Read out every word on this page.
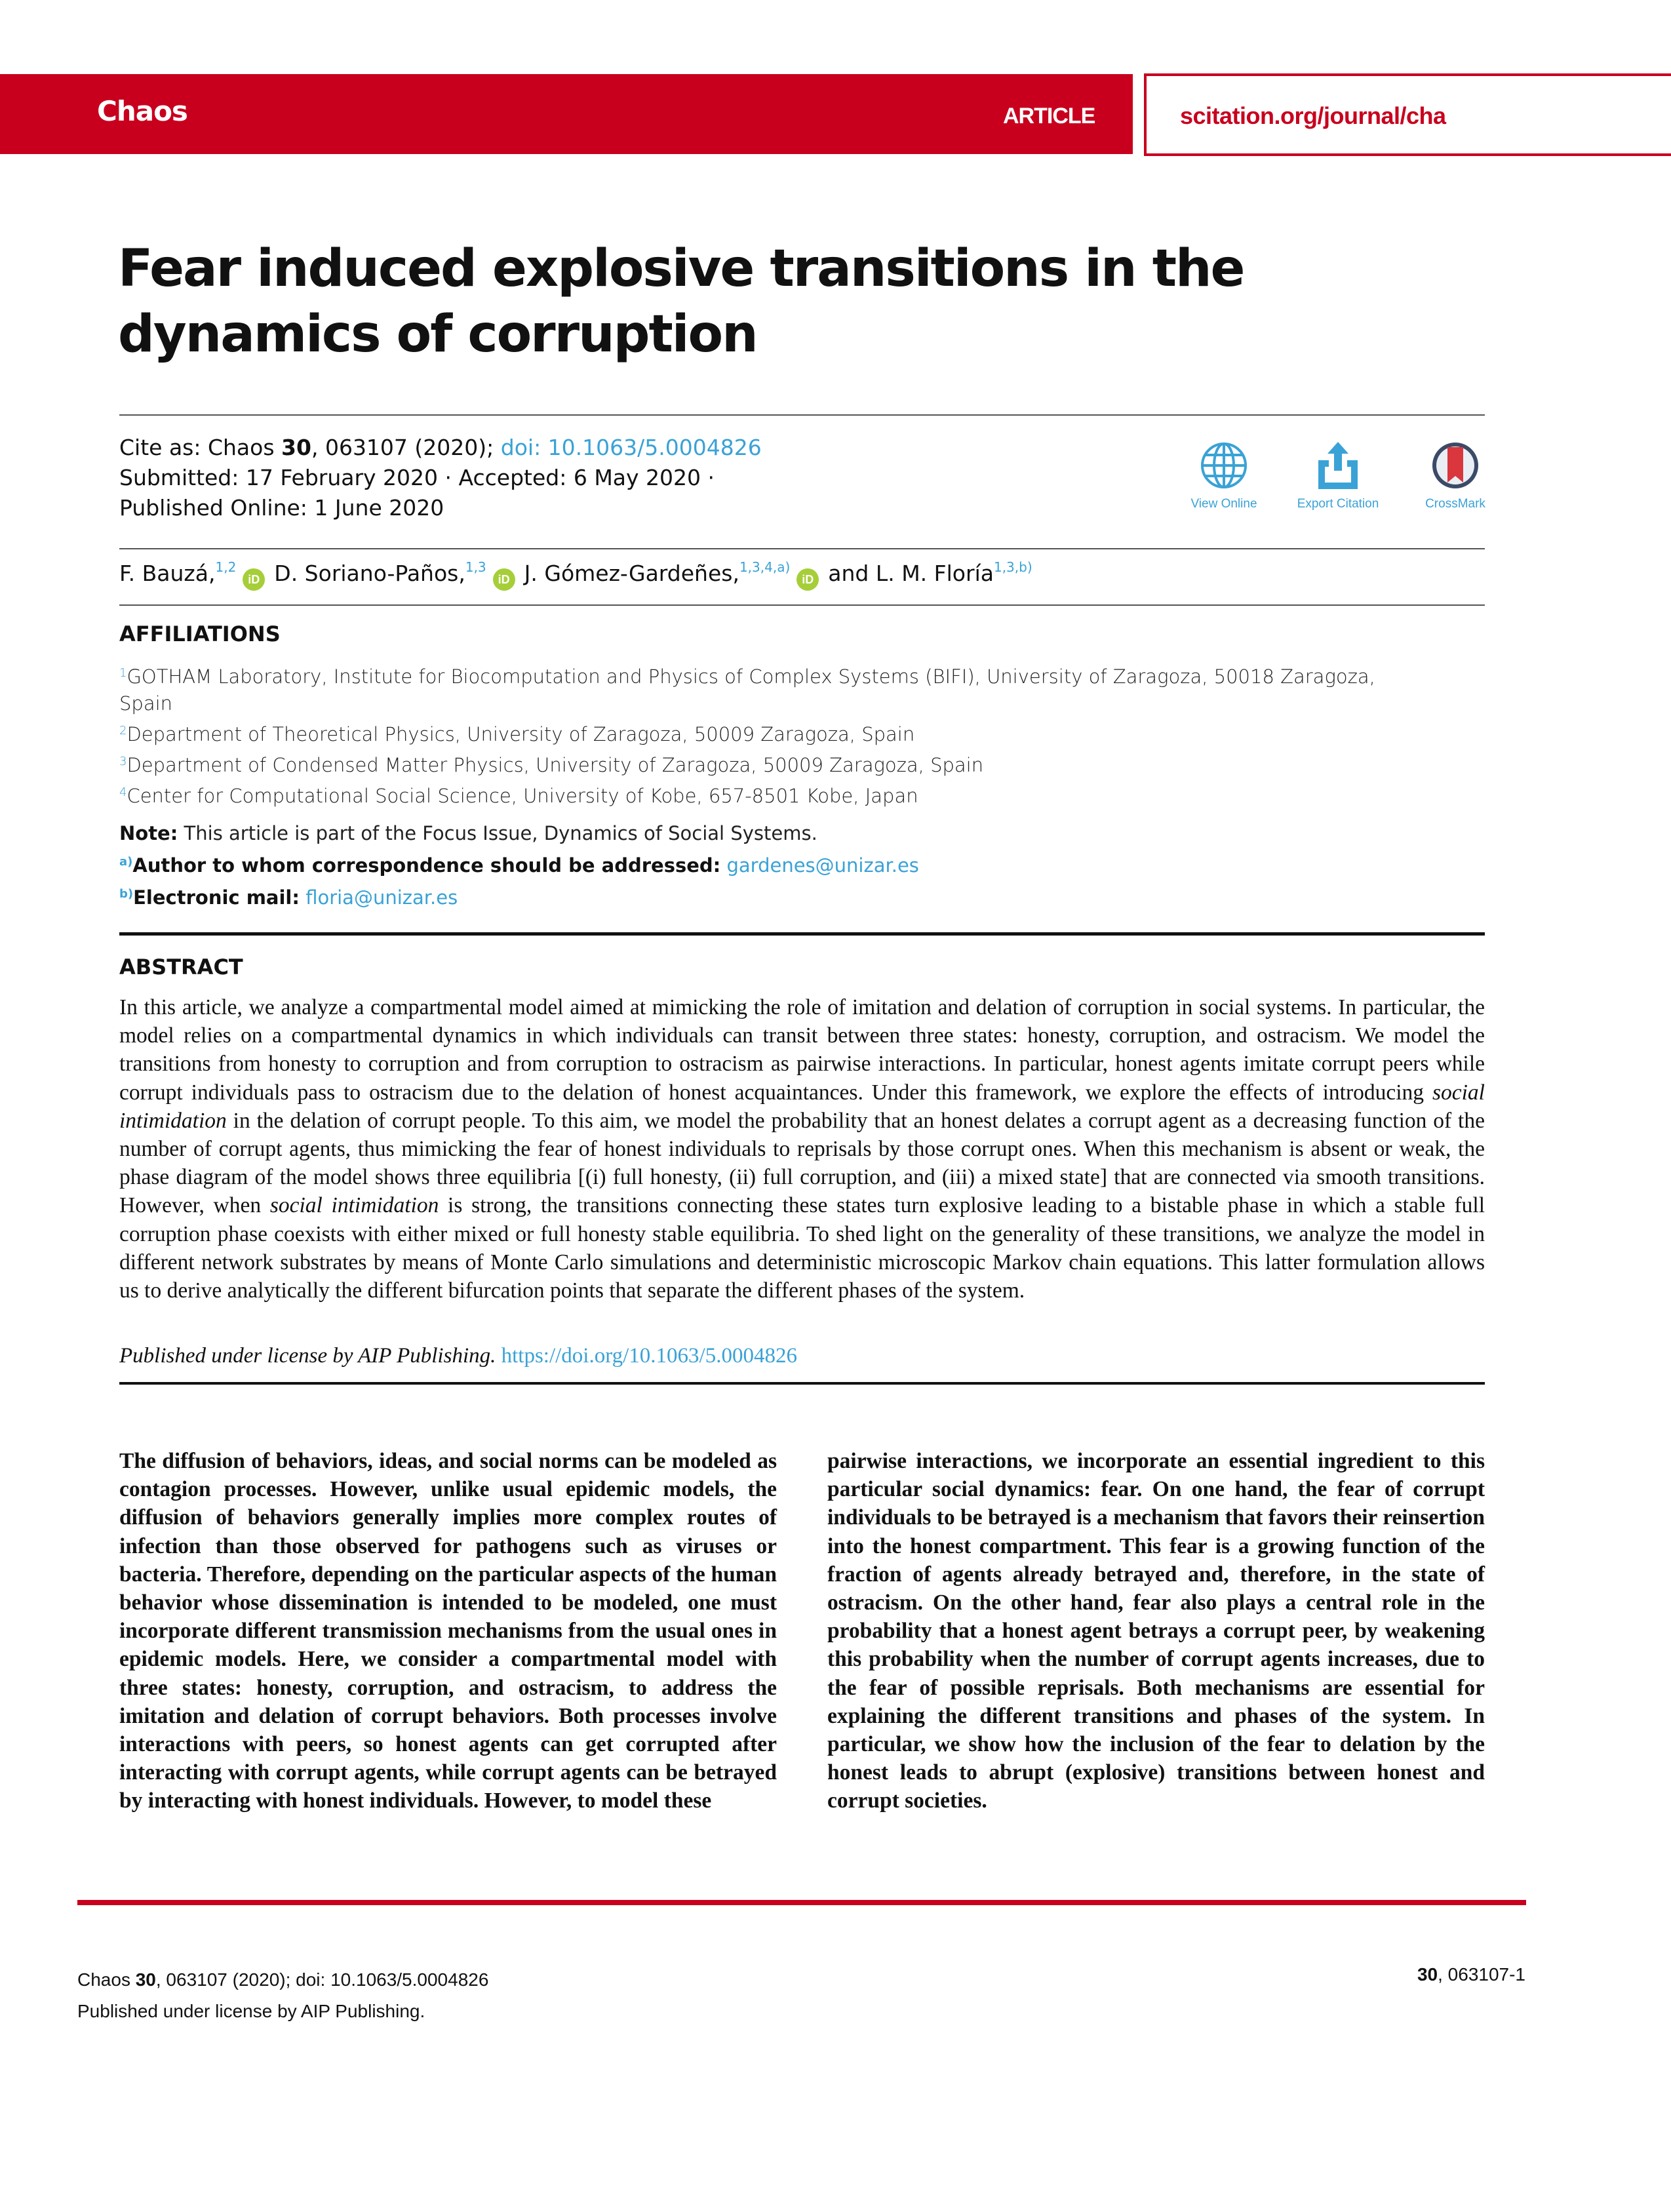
Chaos	ARTICLE	scitation.org/journal/cha
Fear induced explosive transitions in the dynamics of corruption
Cite as: Chaos 30, 063107 (2020); doi: 10.1063/5.0004826
Submitted: 17 February 2020 · Accepted: 6 May 2020 ·
Published Online: 1 June 2020	View Online	Export Citation	CrossMark
F. Bauzá,$^{1,2}$iD D. Soriano-Paños,$^{1,3}$iD J. Gómez-Gardeñes,$^{1,3,4,a)}$iD and L. M. Floría$^{1,3,b)}$
AFFILIATIONS
$^1$GOTHAM Laboratory, Institute for Biocomputation and Physics of Complex Systems (BIFI), University of Zaragoza, 50018 Zaragoza, Spain
$^2$Department of Theoretical Physics, University of Zaragoza, 50009 Zaragoza, Spain
$^3$Department of Condensed Matter Physics, University of Zaragoza, 50009 Zaragoza, Spain
$^4$Center for Computational Social Science, University of Kobe, 657-8501 Kobe, Japan
Note: This article is part of the Focus Issue, Dynamics of Social Systems.
$^{a)}$Author to whom correspondence should be addressed: gardenes@unizar.es
$^{b)}$Electronic mail: floria@unizar.es
ABSTRACT
In this article, we analyze a compartmental model aimed at mimicking the role of imitation and delation of corruption in social systems. In particular, the model relies on a compartmental dynamics in which individuals can transit between three states: honesty, corruption, and ostracism. We model the transitions from honesty to corruption and from corruption to ostracism as pairwise interactions. In particular, honest agents imitate corrupt peers while corrupt individuals pass to ostracism due to the delation of honest acquaintances. Under this framework, we explore the effects of introducing social intimidation in the delation of corrupt people. To this aim, we model the probability that an honest delates a corrupt agent as a decreasing function of the number of corrupt agents, thus mimicking the fear of honest individuals to reprisals by those corrupt ones. When this mechanism is absent or weak, the phase diagram of the model shows three equilibria [(i) full honesty, (ii) full corruption, and (iii) a mixed state] that are connected via smooth transitions. However, when social intimidation is strong, the transitions connecting these states turn explosive leading to a bistable phase in which a stable full corruption phase coexists with either mixed or full honesty stable equilibria. To shed light on the generality of these transitions, we analyze the model in different network substrates by means of Monte Carlo simulations and deterministic microscopic Markov chain equations. This latter formulation allows us to derive analytically the different bifurcation points that separate the different phases of the system.
Published under license by AIP Publishing. https://doi.org/10.1063/5.0004826
The diffusion of behaviors, ideas, and social norms can be modeled as contagion processes. However, unlike usual epidemic models, the diffusion of behaviors generally implies more complex routes of infection than those observed for pathogens such as viruses or bacteria. Therefore, depending on the particular aspects of the human behavior whose dissemination is intended to be modeled, one must incorporate different transmission mechanisms from the usual ones in epidemic models. Here, we consider a compartmental model with three states: honesty, corruption, and ostracism, to address the imitation and delation of corrupt behaviors. Both processes involve interactions with peers, so honest agents can get corrupted after interacting with corrupt agents, while corrupt agents can be betrayed by interacting with honest individuals. However, to model these
pairwise interactions, we incorporate an essential ingredient to this particular social dynamics: fear. On one hand, the fear of corrupt individuals to be betrayed is a mechanism that favors their reinsertion into the honest compartment. This fear is a growing function of the fraction of agents already betrayed and, therefore, in the state of ostracism. On the other hand, fear also plays a central role in the probability that a honest agent betrays a corrupt peer, by weakening this probability when the number of corrupt agents increases, due to the fear of possible reprisals. Both mechanisms are essential for explaining the different transitions and phases of the system. In particular, we show how the inclusion of the fear to delation by the honest leads to abrupt (explosive) transitions between honest and corrupt societies.
Chaos 30, 063107 (2020); doi: 10.1063/5.0004826
Published under license by AIP Publishing.
30, 063107-1
